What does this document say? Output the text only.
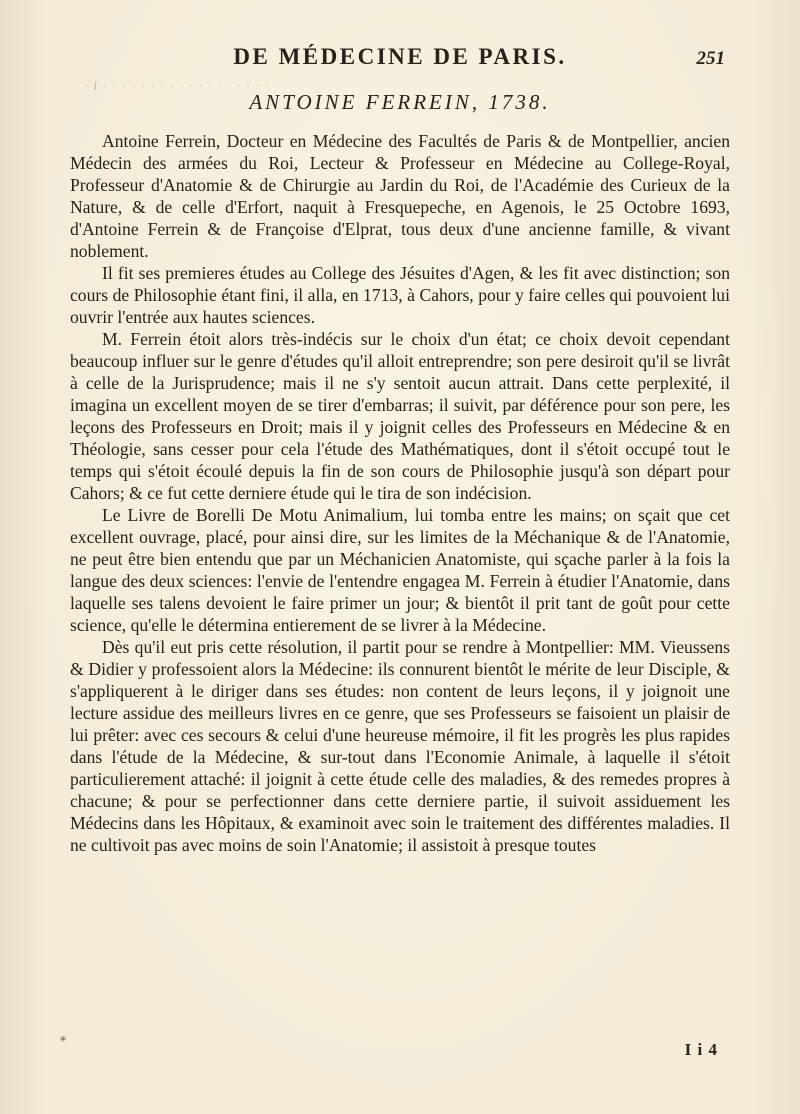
· ſ · · · · · · · · · · · · · · · · · ·
DE MÉDECINE DE PARIS.	251
ANTOINE FERREIN, 1738.

Antoine Ferrein, Docteur en Médecine des Facultés de Paris & de Montpellier, ancien Médecin des armées du Roi, Lecteur & Professeur en Médecine au College-Royal, Professeur d'Anatomie & de Chirurgie au Jardin du Roi, de l'Académie des Curieux de la Nature, & de celle d'Erfort, naquit à Fresquepeche, en Agenois, le 25 Octobre 1693, d'Antoine Ferrein & de Françoise d'Elprat, tous deux d'une ancienne famille, & vivant noblement.

Il fit ses premieres études au College des Jésuites d'Agen, & les fit avec distinction; son cours de Philosophie étant fini, il alla, en 1713, à Cahors, pour y faire celles qui pouvoient lui ouvrir l'entrée aux hautes sciences.

M. Ferrein étoit alors très-indécis sur le choix d'un état; ce choix devoit cependant beaucoup influer sur le genre d'études qu'il alloit entreprendre; son pere desiroit qu'il se livrât à celle de la Jurisprudence; mais il ne s'y sentoit aucun attrait. Dans cette perplexité, il imagina un excellent moyen de se tirer d'embarras; il suivit, par déférence pour son pere, les leçons des Professeurs en Droit; mais il y joignit celles des Professeurs en Médecine & en Théologie, sans cesser pour cela l'étude des Mathématiques, dont il s'étoit occupé tout le temps qui s'étoit écoulé depuis la fin de son cours de Philosophie jusqu'à son départ pour Cahors; & ce fut cette derniere étude qui le tira de son indécision.

Le Livre de Borelli De Motu Animalium, lui tomba entre les mains; on sçait que cet excellent ouvrage, placé, pour ainsi dire, sur les limites de la Méchanique & de l'Anatomie, ne peut être bien entendu que par un Méchanicien Anatomiste, qui sçache parler à la fois la langue des deux sciences: l'envie de l'entendre engagea M. Ferrein à étudier l'Anatomie, dans laquelle ses talens devoient le faire primer un jour; & bientôt il prit tant de goût pour cette science, qu'elle le détermina entierement de se livrer à la Médecine.

Dès qu'il eut pris cette résolution, il partit pour se rendre à Montpellier: MM. Vieussens & Didier y professoient alors la Médecine: ils connurent bientôt le mérite de leur Disciple, & s'appliquerent à le diriger dans ses études: non content de leurs leçons, il y joignoit une lecture assidue des meilleurs livres en ce genre, que ses Professeurs se faisoient un plaisir de lui prêter: avec ces secours & celui d'une heureuse mémoire, il fit les progrès les plus rapides dans l'étude de la Médecine, & sur-tout dans l'Economie Animale, à laquelle il s'étoit particulierement attaché: il joignit à cette étude celle des maladies, & des remedes propres à chacune; & pour se perfectionner dans cette derniere partie, il suivoit assiduement les Médecins dans les Hôpitaux, & examinoit avec soin le traitement des différentes maladies. Il ne cultivoit pas avec moins de soin l'Anatomie; il assistoit à presque toutes

I i 4
⁎
